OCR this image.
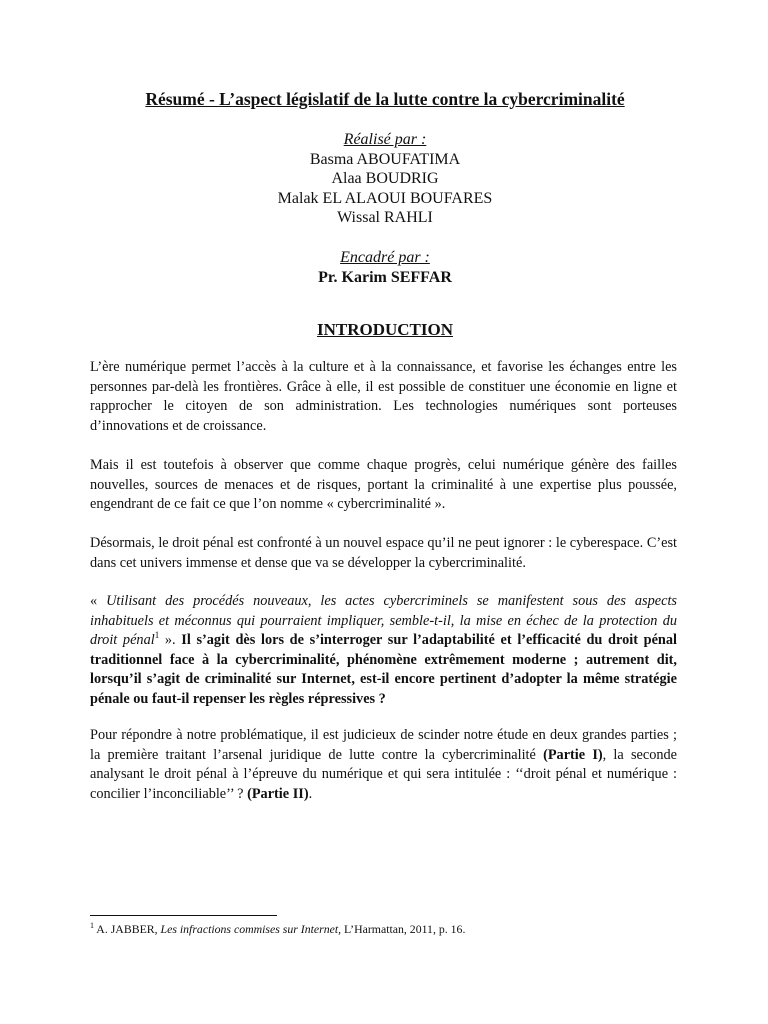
Résumé - L’aspect législatif de la lutte contre la cybercriminalité
Réalisé par :
Basma ABOUFATIMA
Alaa BOUDRIG
Malak EL ALAOUI BOUFARES
Wissal RAHLI
Encadré par :
Pr. Karim SEFFAR
INTRODUCTION

L’ère numérique permet l’accès à la culture et à la connaissance, et favorise les échanges entre les personnes par-delà les frontières. Grâce à elle, il est possible de constituer une économie en ligne et rapprocher le citoyen de son administration. Les technologies numériques sont porteuses d’innovations et de croissance.

Mais il est toutefois à observer que comme chaque progrès, celui numérique génère des failles nouvelles, sources de menaces et de risques, portant la criminalité à une expertise plus poussée, engendrant de ce fait ce que l’on nomme « cybercriminalité ».

Désormais, le droit pénal est confronté à un nouvel espace qu’il ne peut ignorer : le cyberespace. C’est dans cet univers immense et dense que va se développer la cybercriminalité.

« Utilisant des procédés nouveaux, les actes cybercriminels se manifestent sous des aspects inhabituels et méconnus qui pourraient impliquer, semble-t-il, la mise en échec de la protection du droit pénal$^1$ ». Il s’agit dès lors de s’interroger sur l’adaptabilité et l’efficacité du droit pénal traditionnel face à la cybercriminalité, phénomène extrêmement moderne ; autrement dit, lorsqu’il s’agit de criminalité sur Internet, est-il encore pertinent d’adopter la même stratégie pénale ou faut-il repenser les règles répressives ?

Pour répondre à notre problématique, il est judicieux de scinder notre étude en deux grandes parties ; la première traitant l’arsenal juridique de lutte contre la cybercriminalité (Partie I), la seconde analysant le droit pénal à l’épreuve du numérique et qui sera intitulée : ‘‘droit pénal et numérique : concilier l’inconciliable’’ ? (Partie II).

$^1$ A. JABBER, Les infractions commises sur Internet, L’Harmattan, 2011, p. 16.
